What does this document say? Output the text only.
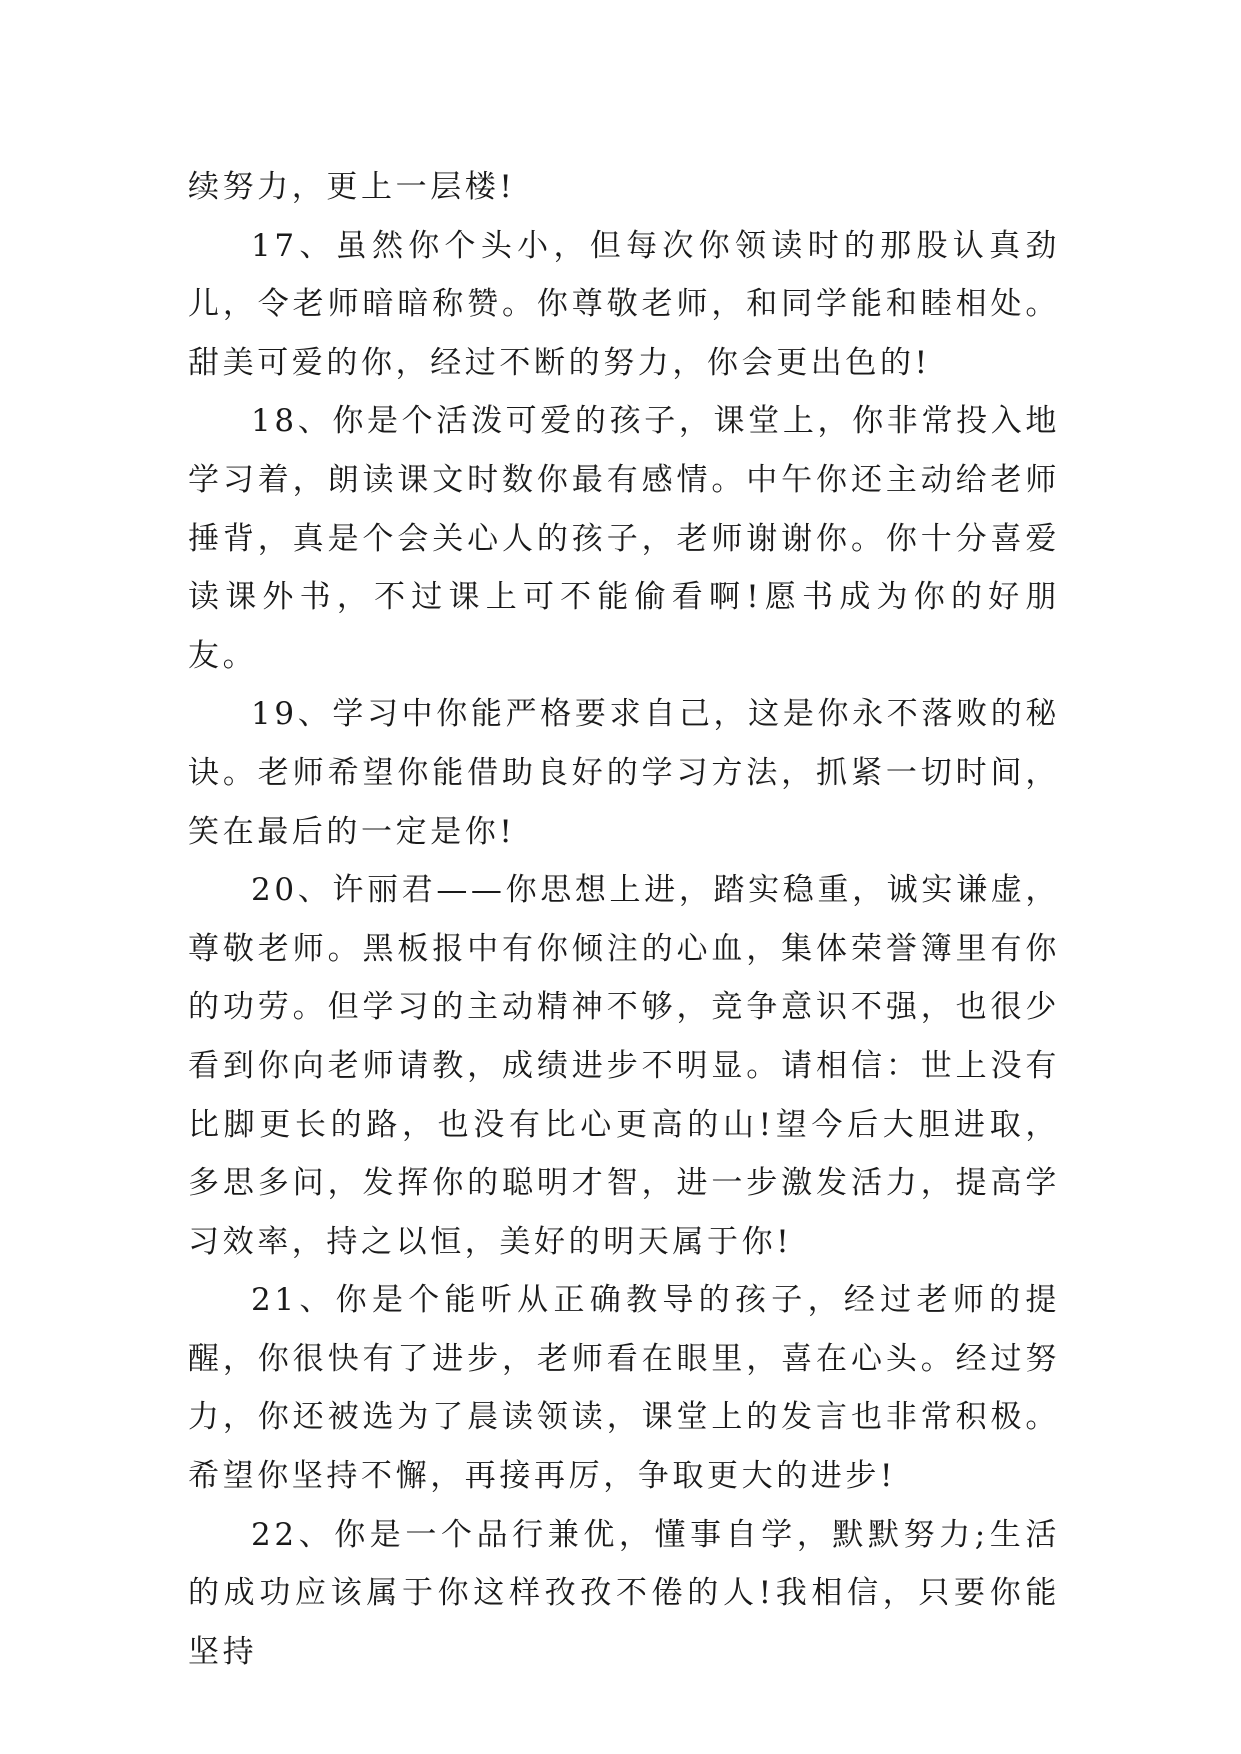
续努力，更上一层楼!

17、虽然你个头小，但每次你领读时的那股认真劲儿，令老师暗暗称赞。你尊敬老师，和同学能和睦相处。甜美可爱的你，经过不断的努力，你会更出色的!

18、你是个活泼可爱的孩子，课堂上，你非常投入地学习着，朗读课文时数你最有感情。中午你还主动给老师捶背，真是个会关心人的孩子，老师谢谢你。你十分喜爱读课外书，不过课上可不能偷看啊!愿书成为你的好朋友。

19、学习中你能严格要求自己，这是你永不落败的秘诀。老师希望你能借助良好的学习方法，抓紧一切时间，笑在最后的一定是你!

20、许丽君——你思想上进，踏实稳重，诚实谦虚，尊敬老师。黑板报中有你倾注的心血，集体荣誉簿里有你的功劳。但学习的主动精神不够，竞争意识不强，也很少看到你向老师请教，成绩进步不明显。请相信：世上没有比脚更长的路，也没有比心更高的山!望今后大胆进取，多思多问，发挥你的聪明才智，进一步激发活力，提高学习效率，持之以恒，美好的明天属于你!

21、你是个能听从正确教导的孩子，经过老师的提醒，你很快有了进步，老师看在眼里，喜在心头。经过努力，你还被选为了晨读领读，课堂上的发言也非常积极。希望你坚持不懈，再接再厉，争取更大的进步!

22、你是一个品行兼优，懂事自学，默默努力;生活的成功应该属于你这样孜孜不倦的人!我相信，只要你能坚持
